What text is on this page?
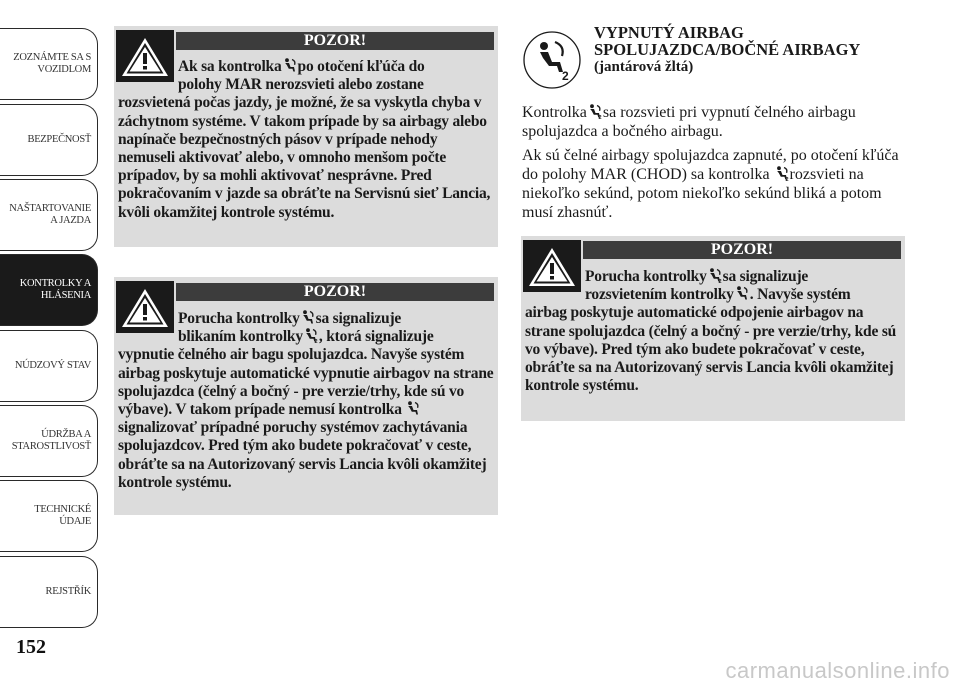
ZOZNÁMTE SA S
VOZIDLOM
BEZPEČNOSŤ
NAŠTARTOVANIE
A JAZDA
KONTROLKY A
HLÁSENIA
NÚDZOVÝ STAV
ÚDRŽBA A
STAROSTLIVOSŤ
TECHNICKÉ
ÚDAJE
REJSTŘÍK
152
POZOR!
Ak sa kontrolka po otočení kľúča do
polohy MAR nerozsvieti alebo zostane
rozsvietená počas jazdy, je možné, že sa vyskytla chyba v záchytnom systéme. V takom prípade by sa airbagy alebo napínače bezpečnostných pásov v prípade nehody nemuseli aktivovať alebo, v omnoho menšom počte prípadov, by sa mohli aktivovať nesprávne. Pred pokračovaním v jazde sa obráťte na Servisnú sieť Lancia, kvôli okamžitej kontrole systému.
POZOR!
Porucha kontrolky sa signalizuje
blikaním kontrolky , ktorá signalizuje
vypnutie čelného air bagu spolujazdca. Navyše systém airbag poskytuje automatické vypnutie airbagov na strane spolujazdca (čelný a bočný - pre verzie/trhy, kde sú vo výbave). V takom prípade nemusí kontrolka  signalizovať prípadné poruchy systémov zachytávania spolujazdcov. Pred tým ako budete pokračovať v ceste, obráťte sa na Autorizovaný servis Lancia kvôli okamžitej kontrole systému.
2
VYPNUTÝ AIRBAG SPOLUJAZDCA/BOČNÉ AIRBAGY
(jantárová žltá)
Kontrolka sa rozsvieti pri vypnutí čelného airbagu spolujazdca a bočného airbagu.
Ak sú čelné airbagy spolujazdca zapnuté, po otočení kľúča do polohy MAR (CHOD) sa kontrolka rozsvieti na niekoľko sekúnd, potom niekoľko sekúnd bliká a potom musí zhasnúť.
POZOR!
Porucha kontrolky sa signalizuje
rozsvietením kontrolky . Navyše systém
airbag poskytuje automatické odpojenie airbagov na strane spolujazdca (čelný a bočný - pre verzie/trhy, kde sú vo výbave). Pred tým ako budete pokračovať v ceste, obráťte sa na Autorizovaný servis Lancia kvôli okamžitej kontrole systému.
carmanualsonline.info
